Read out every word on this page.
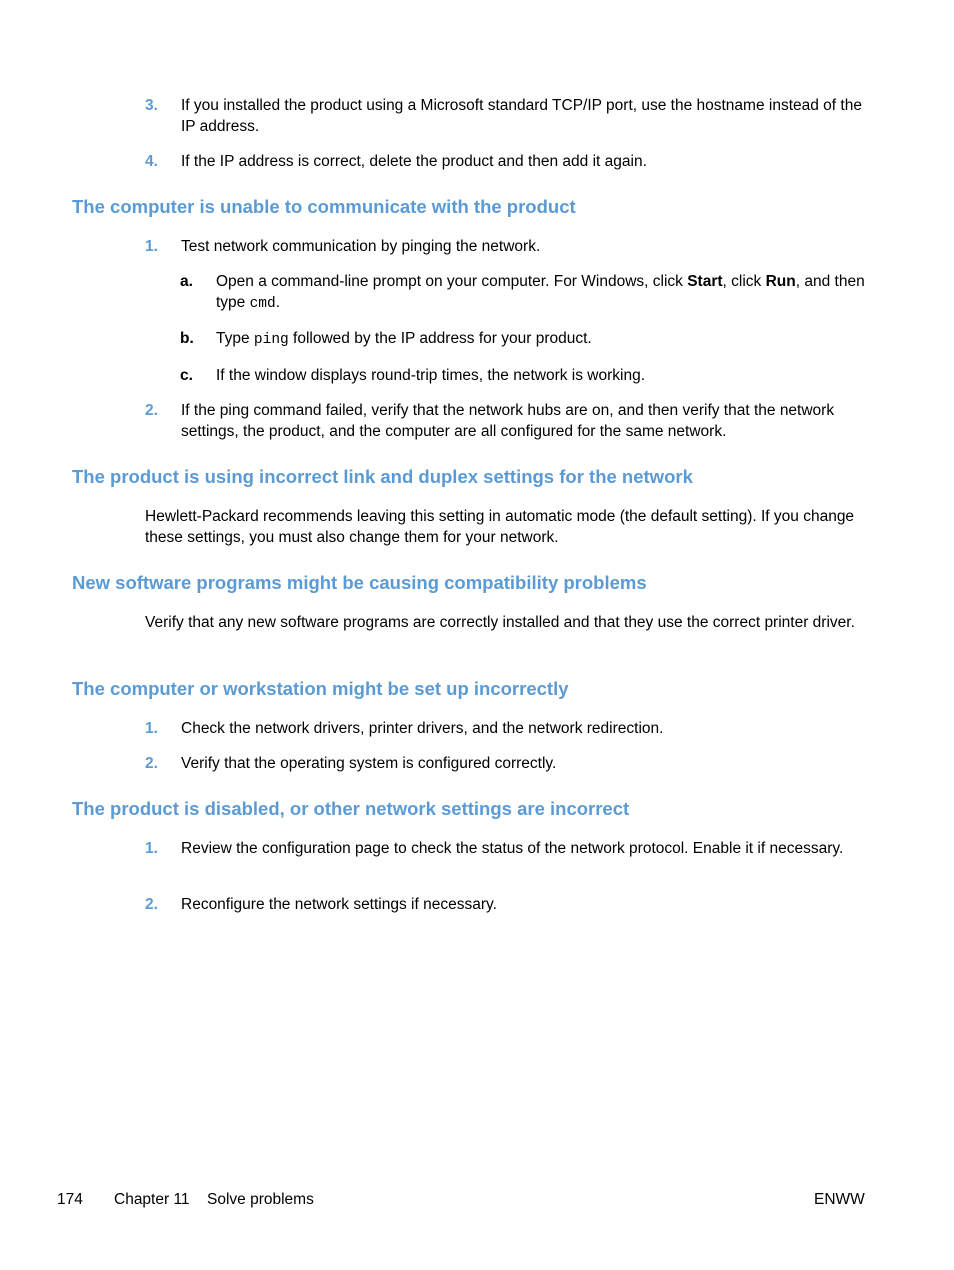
3. If you installed the product using a Microsoft standard TCP/IP port, use the hostname instead of the IP address.
4. If the IP address is correct, delete the product and then add it again.
The computer is unable to communicate with the product
1. Test network communication by pinging the network.
a. Open a command-line prompt on your computer. For Windows, click Start, click Run, and then type cmd.
b. Type ping followed by the IP address for your product.
c. If the window displays round-trip times, the network is working.
2. If the ping command failed, verify that the network hubs are on, and then verify that the network settings, the product, and the computer are all configured for the same network.
The product is using incorrect link and duplex settings for the network
Hewlett-Packard recommends leaving this setting in automatic mode (the default setting). If you change these settings, you must also change them for your network.
New software programs might be causing compatibility problems
Verify that any new software programs are correctly installed and that they use the correct printer driver.
The computer or workstation might be set up incorrectly
1. Check the network drivers, printer drivers, and the network redirection.
2. Verify that the operating system is configured correctly.
The product is disabled, or other network settings are incorrect
1. Review the configuration page to check the status of the network protocol. Enable it if necessary.
2. Reconfigure the network settings if necessary.
174 Chapter 11 Solve problems	ENWW
